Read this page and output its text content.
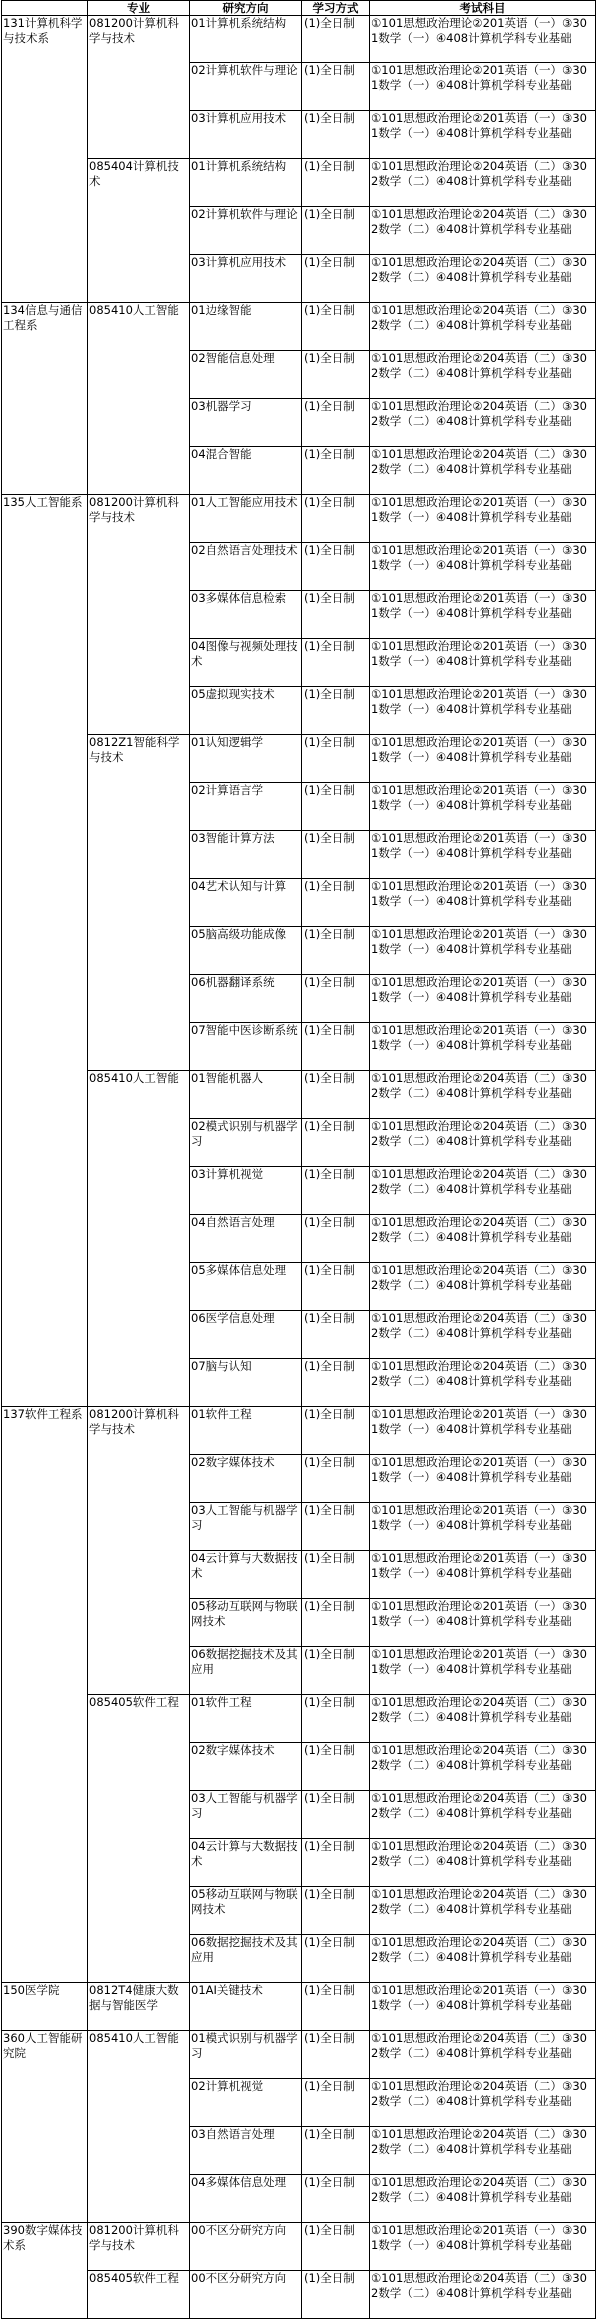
	专业	研究方向	学习方式	考试科目
131计算机科学与技术系	081200计算机科学与技术	01计算机系统结构	(1)全日制	①101思想政治理论②201英语（一）③301数学（一）④408计算机学科专业基础
		02计算机软件与理论	(1)全日制	①101思想政治理论②201英语（一）③301数学（一）④408计算机学科专业基础
		03计算机应用技术	(1)全日制	①101思想政治理论②201英语（一）③301数学（一）④408计算机学科专业基础
	085404计算机技术	01计算机系统结构	(1)全日制	①101思想政治理论②204英语（二）③302数学（二）④408计算机学科专业基础
		02计算机软件与理论	(1)全日制	①101思想政治理论②204英语（二）③302数学（二）④408计算机学科专业基础
		03计算机应用技术	(1)全日制	①101思想政治理论②204英语（二）③302数学（二）④408计算机学科专业基础
134信息与通信工程系	085410人工智能	01边缘智能	(1)全日制	①101思想政治理论②204英语（二）③302数学（二）④408计算机学科专业基础
		02智能信息处理	(1)全日制	①101思想政治理论②204英语（二）③302数学（二）④408计算机学科专业基础
		03机器学习	(1)全日制	①101思想政治理论②204英语（二）③302数学（二）④408计算机学科专业基础
		04混合智能	(1)全日制	①101思想政治理论②204英语（二）③302数学（二）④408计算机学科专业基础
135人工智能系	081200计算机科学与技术	01人工智能应用技术	(1)全日制	①101思想政治理论②201英语（一）③301数学（一）④408计算机学科专业基础
		02自然语言处理技术	(1)全日制	①101思想政治理论②201英语（一）③301数学（一）④408计算机学科专业基础
		03多媒体信息检索	(1)全日制	①101思想政治理论②201英语（一）③301数学（一）④408计算机学科专业基础
		04图像与视频处理技术	(1)全日制	①101思想政治理论②201英语（一）③301数学（一）④408计算机学科专业基础
		05虚拟现实技术	(1)全日制	①101思想政治理论②201英语（一）③301数学（一）④408计算机学科专业基础
	0812Z1智能科学与技术	01认知逻辑学	(1)全日制	①101思想政治理论②201英语（一）③301数学（一）④408计算机学科专业基础
		02计算语言学	(1)全日制	①101思想政治理论②201英语（一）③301数学（一）④408计算机学科专业基础
		03智能计算方法	(1)全日制	①101思想政治理论②201英语（一）③301数学（一）④408计算机学科专业基础
		04艺术认知与计算	(1)全日制	①101思想政治理论②201英语（一）③301数学（一）④408计算机学科专业基础
		05脑高级功能成像	(1)全日制	①101思想政治理论②201英语（一）③301数学（一）④408计算机学科专业基础
		06机器翻译系统	(1)全日制	①101思想政治理论②201英语（一）③301数学（一）④408计算机学科专业基础
		07智能中医诊断系统	(1)全日制	①101思想政治理论②201英语（一）③301数学（一）④408计算机学科专业基础
	085410人工智能	01智能机器人	(1)全日制	①101思想政治理论②204英语（二）③302数学（二）④408计算机学科专业基础
		02模式识别与机器学习	(1)全日制	①101思想政治理论②204英语（二）③302数学（二）④408计算机学科专业基础
		03计算机视觉	(1)全日制	①101思想政治理论②204英语（二）③302数学（二）④408计算机学科专业基础
		04自然语言处理	(1)全日制	①101思想政治理论②204英语（二）③302数学（二）④408计算机学科专业基础
		05多媒体信息处理	(1)全日制	①101思想政治理论②204英语（二）③302数学（二）④408计算机学科专业基础
		06医学信息处理	(1)全日制	①101思想政治理论②204英语（二）③302数学（二）④408计算机学科专业基础
		07脑与认知	(1)全日制	①101思想政治理论②204英语（二）③302数学（二）④408计算机学科专业基础
137软件工程系	081200计算机科学与技术	01软件工程	(1)全日制	①101思想政治理论②201英语（一）③301数学（一）④408计算机学科专业基础
		02数字媒体技术	(1)全日制	①101思想政治理论②201英语（一）③301数学（一）④408计算机学科专业基础
		03人工智能与机器学习	(1)全日制	①101思想政治理论②201英语（一）③301数学（一）④408计算机学科专业基础
		04云计算与大数据技术	(1)全日制	①101思想政治理论②201英语（一）③301数学（一）④408计算机学科专业基础
		05移动互联网与物联网技术	(1)全日制	①101思想政治理论②201英语（一）③301数学（一）④408计算机学科专业基础
		06数据挖掘技术及其应用	(1)全日制	①101思想政治理论②201英语（一）③301数学（一）④408计算机学科专业基础
	085405软件工程	01软件工程	(1)全日制	①101思想政治理论②204英语（二）③302数学（二）④408计算机学科专业基础
		02数字媒体技术	(1)全日制	①101思想政治理论②204英语（二）③302数学（二）④408计算机学科专业基础
		03人工智能与机器学习	(1)全日制	①101思想政治理论②204英语（二）③302数学（二）④408计算机学科专业基础
		04云计算与大数据技术	(1)全日制	①101思想政治理论②204英语（二）③302数学（二）④408计算机学科专业基础
		05移动互联网与物联网技术	(1)全日制	①101思想政治理论②204英语（二）③302数学（二）④408计算机学科专业基础
		06数据挖掘技术及其应用	(1)全日制	①101思想政治理论②204英语（二）③302数学（二）④408计算机学科专业基础
150医学院	0812T4健康大数据与智能医学	01AI关键技术	(1)全日制	①101思想政治理论②201英语（一）③301数学（一）④408计算机学科专业基础
360人工智能研究院	085410人工智能	01模式识别与机器学习	(1)全日制	①101思想政治理论②204英语（二）③302数学（二）④408计算机学科专业基础
		02计算机视觉	(1)全日制	①101思想政治理论②204英语（二）③302数学（二）④408计算机学科专业基础
		03自然语言处理	(1)全日制	①101思想政治理论②204英语（二）③302数学（二）④408计算机学科专业基础
		04多媒体信息处理	(1)全日制	①101思想政治理论②204英语（二）③302数学（二）④408计算机学科专业基础
390数字媒体技术系	081200计算机科学与技术	00不区分研究方向	(1)全日制	①101思想政治理论②201英语（一）③301数学（一）④408计算机学科专业基础
	085405软件工程	00不区分研究方向	(1)全日制	①101思想政治理论②204英语（二）③302数学（二）④408计算机学科专业基础
